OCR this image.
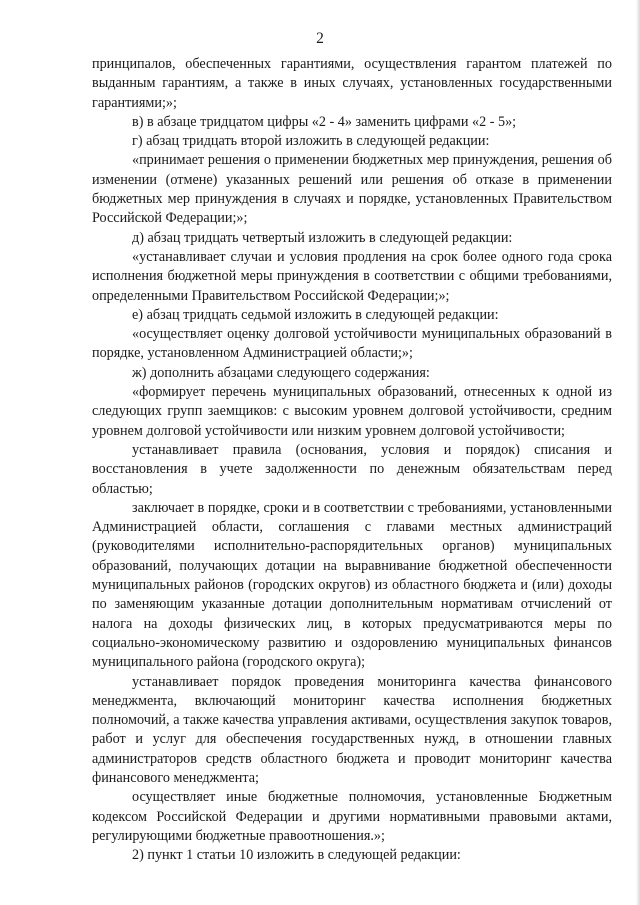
2

принципалов, обеспеченных гарантиями, осуществления гарантом платежей по выданным гарантиям, а также в иных случаях, установленных государственными гарантиями;»;

в) в абзаце тридцатом цифры «2 - 4» заменить цифрами «2 - 5»;

г) абзац тридцать второй изложить в следующей редакции:

«принимает решения о применении бюджетных мер принуждения, решения об изменении (отмене) указанных решений или решения об отказе в применении бюджетных мер принуждения в случаях и порядке, установленных Правительством Российской Федерации;»;

д) абзац тридцать четвертый изложить в следующей редакции:

«устанавливает случаи и условия продления на срок более одного года срока исполнения бюджетной меры принуждения в соответствии с общими требованиями, определенными Правительством Российской Федерации;»;

е) абзац тридцать седьмой изложить в следующей редакции:

«осуществляет оценку долговой устойчивости муниципальных образований в порядке, установленном Администрацией области;»;

ж) дополнить абзацами следующего содержания:

«формирует перечень муниципальных образований, отнесенных к одной из следующих групп заемщиков: с высоким уровнем долговой устойчивости, средним уровнем долговой устойчивости или низким уровнем долговой устойчивости;

устанавливает правила (основания, условия и порядок) списания и восстановления в учете задолженности по денежным обязательствам перед областью;

заключает в порядке, сроки и в соответствии с требованиями, установленными Администрацией области, соглашения с главами местных администраций (руководителями исполнительно-распорядительных органов) муниципальных образований, получающих дотации на выравнивание бюджетной обеспеченности муниципальных районов (городских округов) из областного бюджета и (или) доходы по заменяющим указанные дотации дополнительным нормативам отчислений от налога на доходы физических лиц, в которых предусматриваются меры по социально-экономическому развитию и оздоровлению муниципальных финансов муниципального района (городского округа);

устанавливает порядок проведения мониторинга качества финансового менеджмента, включающий мониторинг качества исполнения бюджетных полномочий, а также качества управления активами, осуществления закупок товаров, работ и услуг для обеспечения государственных нужд, в отношении главных администраторов средств областного бюджета и проводит мониторинг качества финансового менеджмента;

осуществляет иные бюджетные полномочия, установленные Бюджетным кодексом Российской Федерации и другими нормативными правовыми актами, регулирующими бюджетные правоотношения.»;

2) пункт 1 статьи 10 изложить в следующей редакции:
